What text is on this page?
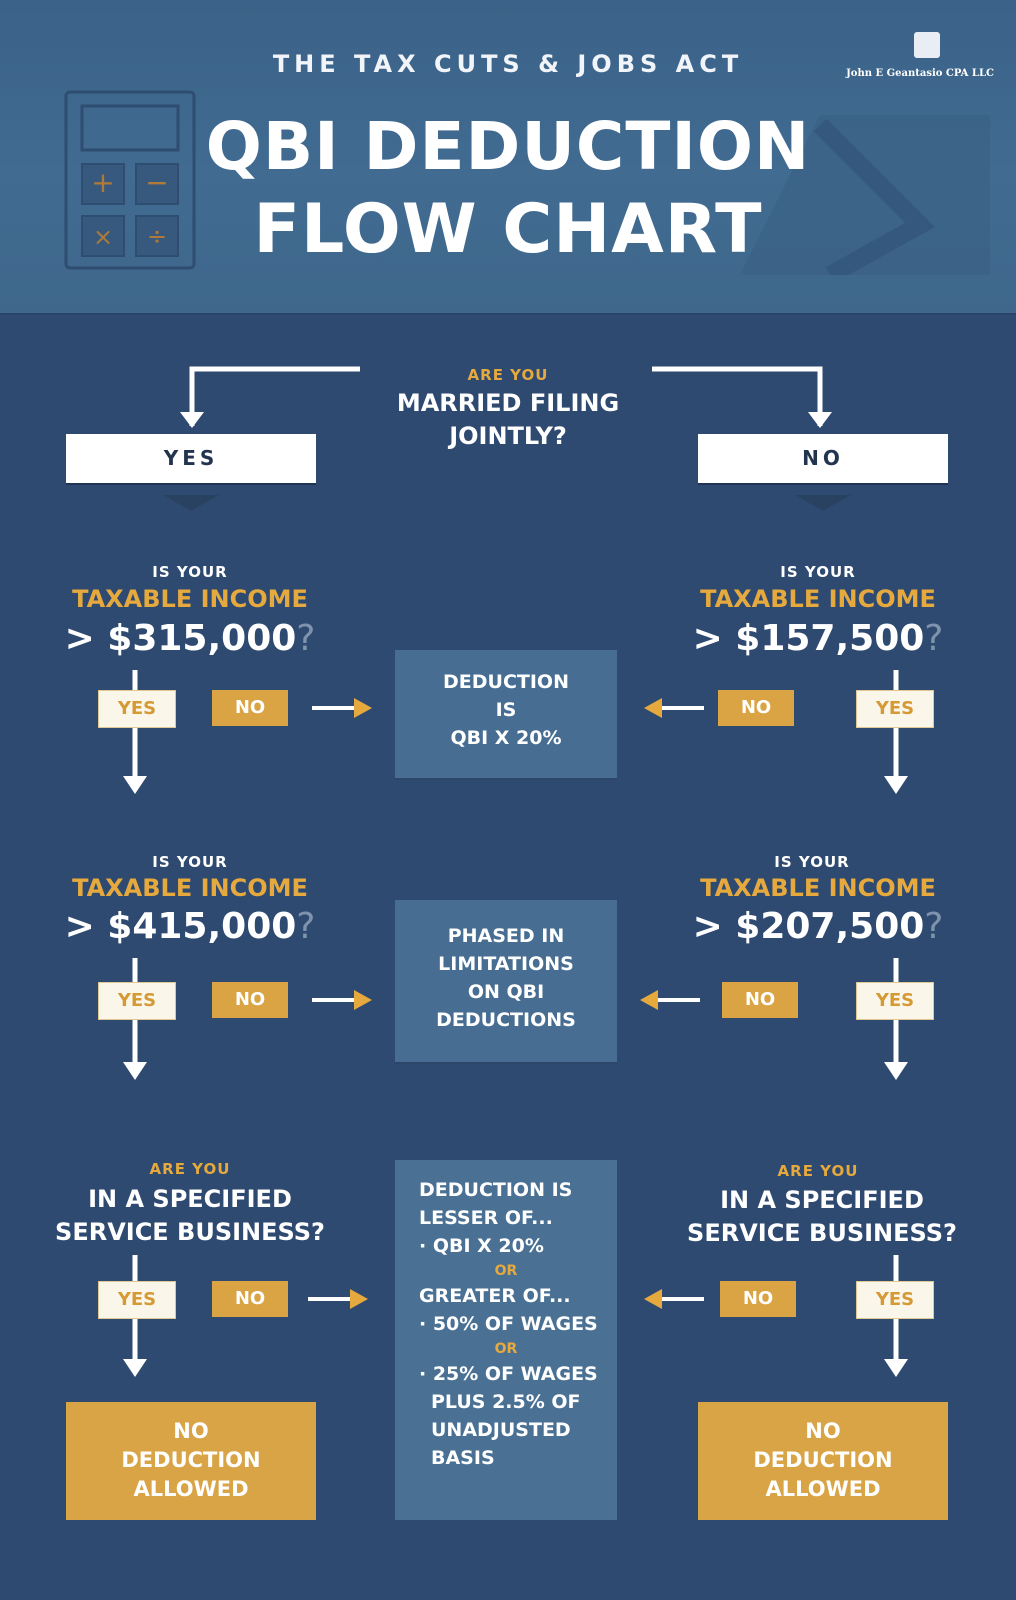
+ −
× ÷
THE TAX CUTS & JOBS ACT
QBI DEDUCTION
FLOW CHART
John E Geantasio CPA LLC
ARE YOU
MARRIED FILING
JOINTLY?
YES	NO
IS YOUR
TAXABLE INCOME
> $315,000?
YES	NO
IS YOUR
TAXABLE INCOME
> $157,500?
NO	YES
DEDUCTION
IS
QBI X 20%
IS YOUR
TAXABLE INCOME
> $415,000?
YES	NO
IS YOUR
TAXABLE INCOME
> $207,500?
NO	YES
PHASED IN
LIMITATIONS
ON QBI
DEDUCTIONS
ARE YOU
IN A SPECIFIED
SERVICE BUSINESS?
YES	NO
ARE YOU
IN A SPECIFIED
SERVICE BUSINESS?
NO	YES
DEDUCTION IS
LESSER OF...
· QBI X 20%
OR
GREATER OF...
· 50% OF WAGES
OR
· 25% OF WAGES
PLUS 2.5% OF
UNADJUSTED
BASIS
NO
DEDUCTION
ALLOWED
NO
DEDUCTION
ALLOWED
